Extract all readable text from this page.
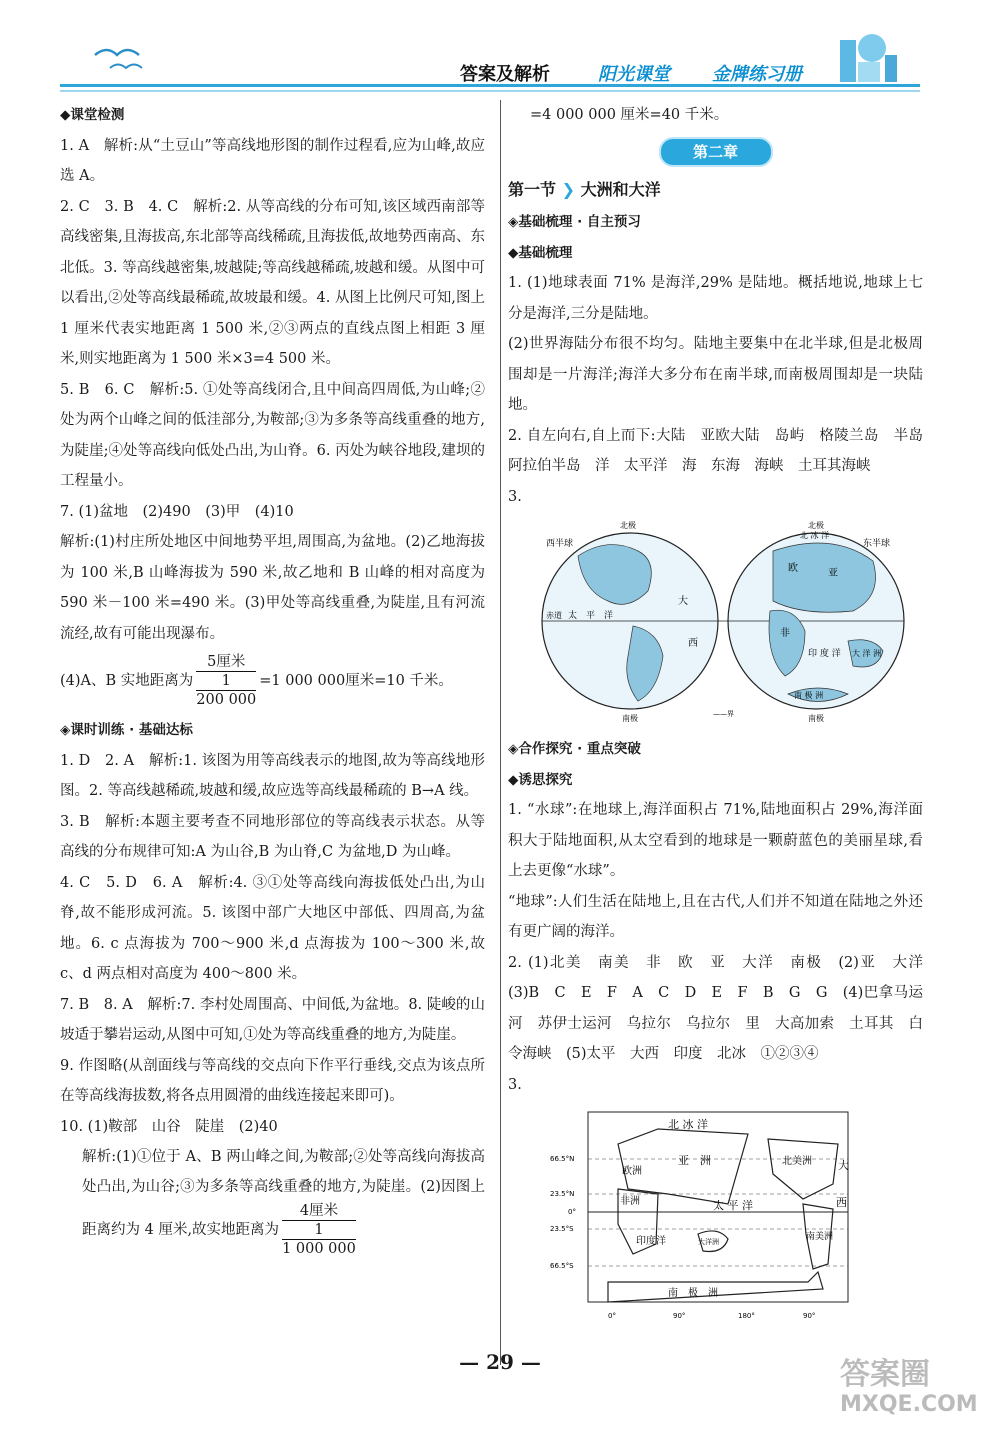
答案及解析	阳光课堂 金牌练习册

◆课堂检测

1. A　解析:从“土豆山”等高线地形图的制作过程看,应为山峰,故应选 A。

2. C　3. B　4. C　解析:2. 从等高线的分布可知,该区域西南部等高线密集,且海拔高,东北部等高线稀疏,且海拔低,故地势西南高、东北低。3. 等高线越密集,坡越陡;等高线越稀疏,坡越和缓。从图中可以看出,②处等高线最稀疏,故坡最和缓。4. 从图上比例尺可知,图上 1 厘米代表实地距离 1 500 米,②③两点的直线点图上相距 3 厘米,则实地距离为 1 500 米×3=4 500 米。

5. B　6. C　解析:5. ①处等高线闭合,且中间高四周低,为山峰;②处为两个山峰之间的低洼部分,为鞍部;③为多条等高线重叠的地方,为陡崖;④处等高线向低处凸出,为山脊。6. 丙处为峡谷地段,建坝的工程量小。

7. (1)盆地　(2)490　(3)甲　(4)10

解析:(1)村庄所处地区中间地势平坦,周围高,为盆地。(2)乙地海拔为 100 米,B 山峰海拔为 590 米,故乙地和 B 山峰的相对高度为 590 米－100 米=490 米。(3)甲处等高线重叠,为陡崖,且有河流流经,故有可能出现瀑布。

(4)A、B 实地距离为
5厘米
1
200 000
=1 000 000厘米=10 千米。

◈课时训练 · 基础达标

1. D　2. A　解析:1. 该图为用等高线表示的地图,故为等高线地形图。2. 等高线越稀疏,坡越和缓,故应选等高线最稀疏的 B→A 线。

3. B　解析:本题主要考查不同地形部位的等高线表示状态。从等高线的分布规律可知:A 为山谷,B 为山脊,C 为盆地,D 为山峰。

4. C　5. D　6. A　解析:4. ③①处等高线向海拔低处凸出,为山脊,故不能形成河流。5. 该图中部广大地区中部低、四周高,为盆地。6. c 点海拔为 700～900 米,d 点海拔为 100～300 米,故 c、d 两点相对高度为 400～800 米。

7. B　8. A　解析:7. 李村处周围高、中间低,为盆地。8. 陡峻的山坡适于攀岩运动,从图中可知,①处为等高线重叠的地方,为陡崖。

9. 作图略(从剖面线与等高线的交点向下作平行垂线,交点为该点所在等高线海拔数,将各点用圆滑的曲线连接起来即可)。

10. (1)鞍部　山谷　陡崖　(2)40

解析:(1)①位于 A、B 两山峰之间,为鞍部;②处等高线向海拔高处凸出,为山谷;③为多条等高线重叠的地方,为陡崖。(2)因图上距离约为 4 厘米,故实地距离为
4厘米
1
1 000 000

=4 000 000 厘米=40 千米。

第二章

第一节 ❯ 大洲和大洋

◈基础梳理 · 自主预习

◆基础梳理

1. (1)地球表面 71% 是海洋,29% 是陆地。概括地说,地球上七分是海洋,三分是陆地。

(2)世界海陆分布很不均匀。陆地主要集中在北半球,但是北极周围却是一片海洋;海洋大多分布在南半球,而南极周围却是一块陆地。

2. 自左向右,自上而下:大陆　亚欧大陆　岛屿　格陵兰岛　半岛　阿拉伯半岛　洋　太平洋　海　东海　海峡　土耳其海峡

3.

西半球	东半球
北极	北极
南极	南极
赤道 太 平 洋
大
西
亚
非
欧
印 度 洋 大 洋 洲
南 极 洲
北 冰 洋
——界

◈合作探究 · 重点突破

◆诱思探究

1. “水球”:在地球上,海洋面积占 71%,陆地面积占 29%,海洋面积大于陆地面积,从太空看到的地球是一颗蔚蓝色的美丽星球,看上去更像“水球”。

“地球”:人们生活在陆地上,且在古代,人们并不知道在陆地之外还有更广阔的海洋。

2. (1)北美　南美　非　欧　亚　大洋　南极　(2)亚　大洋　(3)B　C　E　F　A　C　D　E　F　B　G　G　(4)巴拿马运河　苏伊士运河　乌拉尔　乌拉尔　里　大高加索　土耳其　白令海峡　(5)太平　大西　印度　北冰　①②③④

3.

北 冰 洋
亚　洲
欧洲
非洲	太 平 洋
印度洋	大洋洲
北美洲
南美洲
南　极　洲
大
西
66.5°N
23.5°N
0°
23.5°S
66.5°S
0°	90°	180°	90°
— 29 —	答案圈
MXQE.COM
